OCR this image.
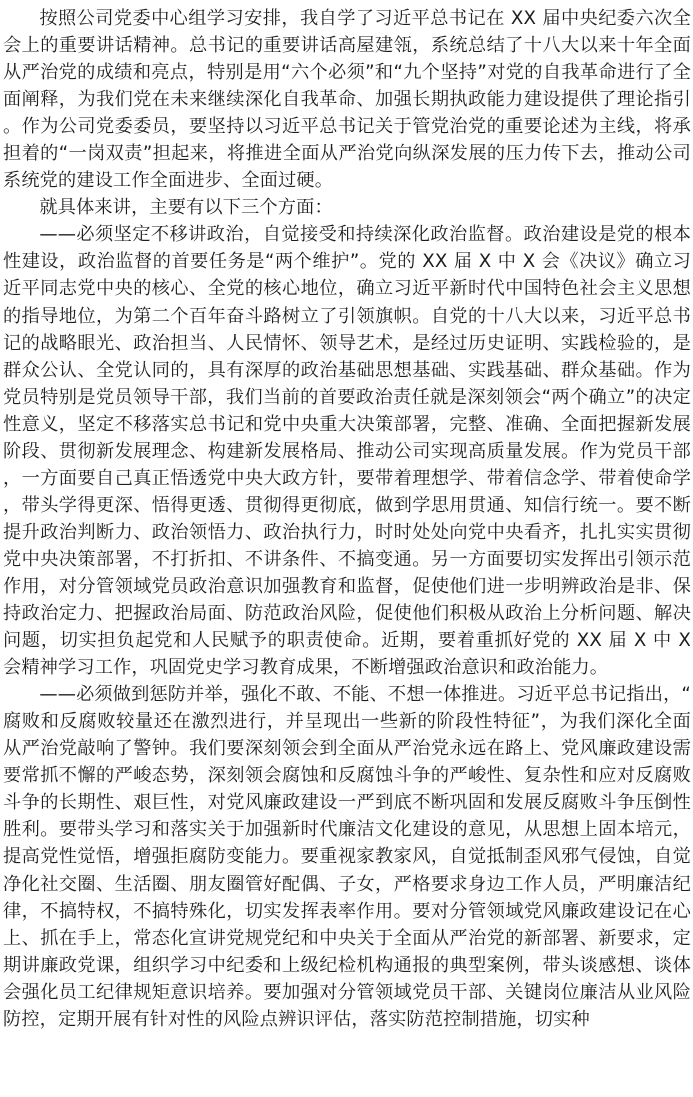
按照公司党委中心组学习安排，我自学了习近平总书记在 XX 届中央纪委六次全会上的重要讲话精神。总书记的重要讲话高屋建瓴，系统总结了十八大以来十年全面从严治党的成绩和亮点，特别是用“六个必须”和“九个坚持”对党的自我革命进行了全面阐释，为我们党在未来继续深化自我革命、加强长期执政能力建设提供了理论指引。作为公司党委委员，要坚持以习近平总书记关于管党治党的重要论述为主线，将承担着的“一岗双责”担起来，将推进全面从严治党向纵深发展的压力传下去，推动公司系统党的建设工作全面进步、全面过硬。

就具体来讲，主要有以下三个方面：

——必须坚定不移讲政治，自觉接受和持续深化政治监督。政治建设是党的根本性建设，政治监督的首要任务是“两个维护”。党的 XX 届 X 中 X 会《决议》确立习近平同志党中央的核心、全党的核心地位，确立习近平新时代中国特色社会主义思想的指导地位，为第二个百年奋斗路树立了引领旗帜。自党的十八大以来，习近平总书记的战略眼光、政治担当、人民情怀、领导艺术，是经过历史证明、实践检验的，是群众公认、全党认同的，具有深厚的政治基础思想基础、实践基础、群众基础。作为党员特别是党员领导干部，我们当前的首要政治责任就是深刻领会“两个确立”的决定性意义，坚定不移落实总书记和党中央重大决策部署，完整、准确、全面把握新发展阶段、贯彻新发展理念、构建新发展格局、推动公司实现高质量发展。作为党员干部，一方面要自己真正悟透党中央大政方针，要带着理想学、带着信念学、带着使命学，带头学得更深、悟得更透、贯彻得更彻底，做到学思用贯通、知信行统一。要不断提升政治判断力、政治领悟力、政治执行力，时时处处向党中央看齐，扎扎实实贯彻党中央决策部署，不打折扣、不讲条件、不搞变通。另一方面要切实发挥出引领示范作用，对分管领域党员政治意识加强教育和监督，促使他们进一步明辨政治是非、保持政治定力、把握政治局面、防范政治风险，促使他们积极从政治上分析问题、解决问题，切实担负起党和人民赋予的职责使命。近期，要着重抓好党的 XX 届 X 中 X 会精神学习工作，巩固党史学习教育成果，不断增强政治意识和政治能力。

——必须做到惩防并举，强化不敢、不能、不想一体推进。习近平总书记指出，“腐败和反腐败较量还在激烈进行，并呈现出一些新的阶段性特征”，为我们深化全面从严治党敲响了警钟。我们要深刻领会到全面从严治党永远在路上、党风廉政建设需要常抓不懈的严峻态势，深刻领会腐蚀和反腐蚀斗争的严峻性、复杂性和应对反腐败斗争的长期性、艰巨性，对党风廉政建设一严到底不断巩固和发展反腐败斗争压倒性胜利。要带头学习和落实关于加强新时代廉洁文化建设的意见，从思想上固本培元，提高党性觉悟，增强拒腐防变能力。要重视家教家风，自觉抵制歪风邪气侵蚀，自觉净化社交圈、生活圈、朋友圈管好配偶、子女，严格要求身边工作人员，严明廉洁纪律，不搞特权，不搞特殊化，切实发挥表率作用。要对分管领域党风廉政建设记在心上、抓在手上，常态化宣讲党规党纪和中央关于全面从严治党的新部署、新要求，定期讲廉政党课，组织学习中纪委和上级纪检机构通报的典型案例，带头谈感想、谈体会强化员工纪律规矩意识培养。要加强对分管领域党员干部、关键岗位廉洁从业风险防控，定期开展有针对性的风险点辨识评估，落实防范控制措施，切实种
